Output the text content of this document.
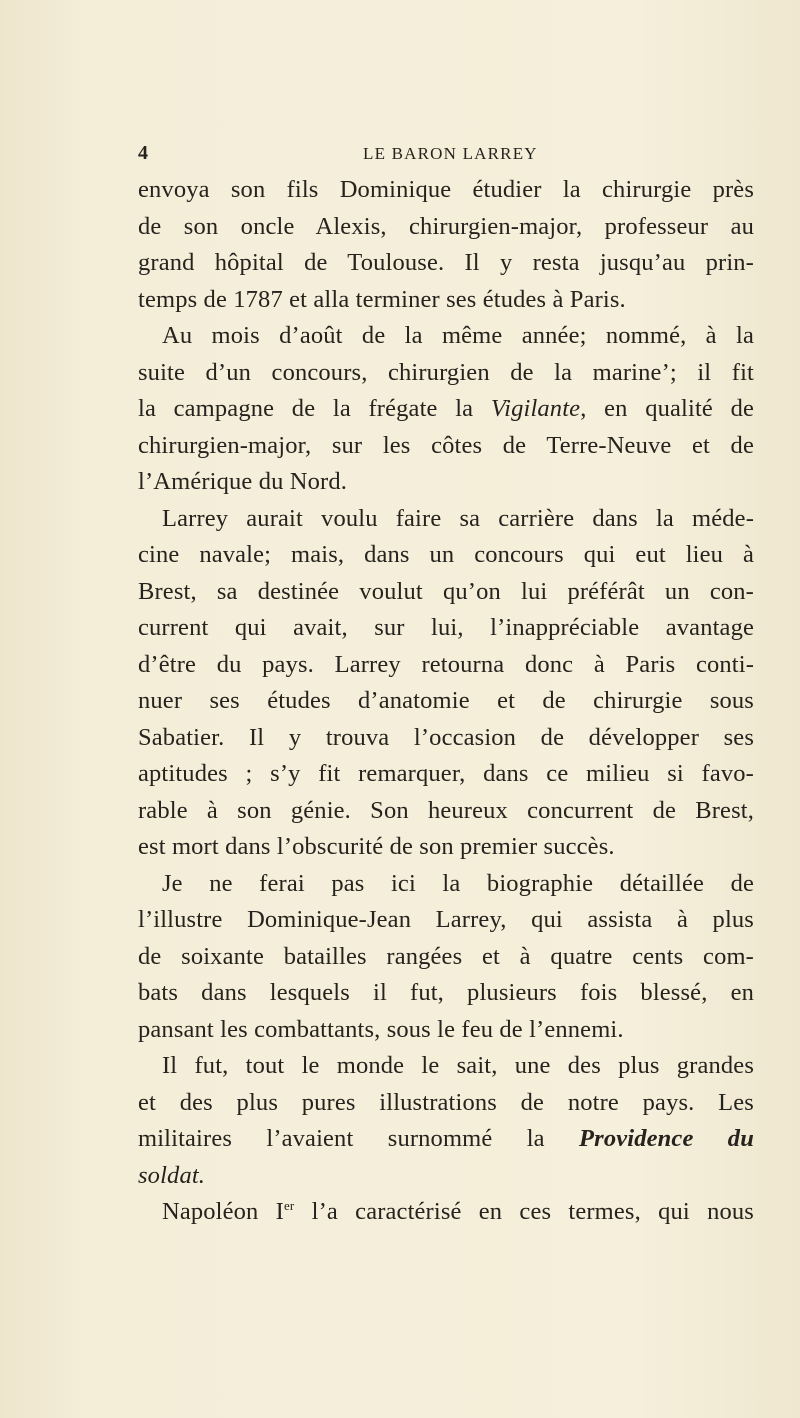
4	LE BARON LARREY
envoya son fils Dominique étudier la chirurgie près
de son oncle Alexis, chirurgien-major, professeur au
grand hôpital de Toulouse. Il y resta jusqu’au prin-
temps de 1787 et alla terminer ses études à Paris.
Au mois d’août de la même année; nommé, à la
suite d’un concours, chirurgien de la marine’; il fit
la campagne de la frégate la Vigilante, en qualité de
chirurgien-major, sur les côtes de Terre-Neuve et de
l’Amérique du Nord.
Larrey aurait voulu faire sa carrière dans la méde-
cine navale; mais, dans un concours qui eut lieu à
Brest, sa destinée voulut qu’on lui préférât un con-
current qui avait, sur lui, l’inappréciable avantage
d’être du pays. Larrey retourna donc à Paris conti-
nuer ses études d’anatomie et de chirurgie sous
Sabatier. Il y trouva l’occasion de développer ses
aptitudes ; s’y fit remarquer, dans ce milieu si favo-
rable à son génie. Son heureux concurrent de Brest,
est mort dans l’obscurité de son premier succès.
Je ne ferai pas ici la biographie détaillée de
l’illustre Dominique-Jean Larrey, qui assista à plus
de soixante batailles rangées et à quatre cents com-
bats dans lesquels il fut, plusieurs fois blessé, en
pansant les combattants, sous le feu de l’ennemi.
Il fut, tout le monde le sait, une des plus grandes
et des plus pures illustrations de notre pays. Les
militaires l’avaient surnommé la Providence du
soldat.
Napoléon Ier l’a caractérisé en ces termes, qui nous
